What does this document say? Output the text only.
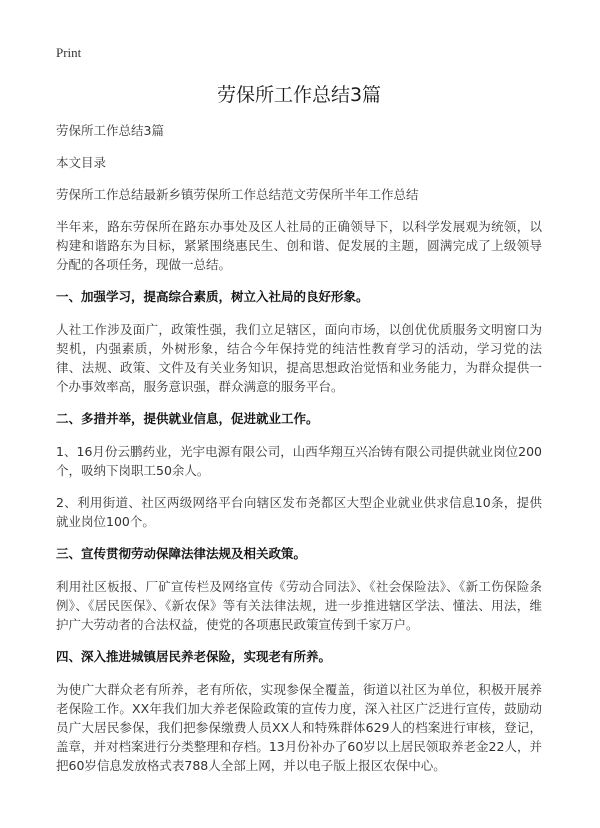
Print
劳保所工作总结3篇

劳保所工作总结3篇

本文目录

劳保所工作总结最新乡镇劳保所工作总结范文劳保所半年工作总结

半年来，路东劳保所在路东办事处及区人社局的正确领导下，以科学发展观为统领，以构建和谐路东为目标，紧紧围绕惠民生、创和谐、促发展的主题，圆满完成了上级领导分配的各项任务，现做一总结。

一、加强学习，提高综合素质，树立入社局的良好形象。

人社工作涉及面广，政策性强，我们立足辖区，面向市场，以创优优质服务文明窗口为契机，内强素质，外树形象，结合今年保持党的纯洁性教育学习的活动，学习党的法律、法规、政策、文件及有关业务知识，提高思想政治觉悟和业务能力，为群众提供一个办事效率高，服务意识强，群众满意的服务平台。

二、多措并举，提供就业信息，促进就业工作。

1、16月份云鹏药业，光宇电源有限公司，山西华翔互兴冶铸有限公司提供就业岗位200个，吸纳下岗职工50余人。

2、利用街道、社区两级网络平台向辖区发布尧都区大型企业就业供求信息10条，提供就业岗位100个。

三、宣传贯彻劳动保障法律法规及相关政策。

利用社区板报、厂矿宣传栏及网络宣传《劳动合同法》、《社会保险法》、《新工伤保险条例》、《居民医保》、《新农保》等有关法律法规，进一步推进辖区学法、懂法、用法，维护广大劳动者的合法权益，使党的各项惠民政策宣传到千家万户。

四、深入推进城镇居民养老保险，实现老有所养。

为使广大群众老有所养，老有所依，实现参保全覆盖，街道以社区为单位，积极开展养老保险工作。XX年我们加大养老保险政策的宣传力度，深入社区广泛进行宣传，鼓励动员广大居民参保，我们把参保缴费人员XX人和特殊群体629人的档案进行审核，登记，盖章，并对档案进行分类整理和存档。13月份补办了60岁以上居民领取养老金22人，并把60岁信息发放格式表788人全部上网，并以电子版上报区农保中心。
